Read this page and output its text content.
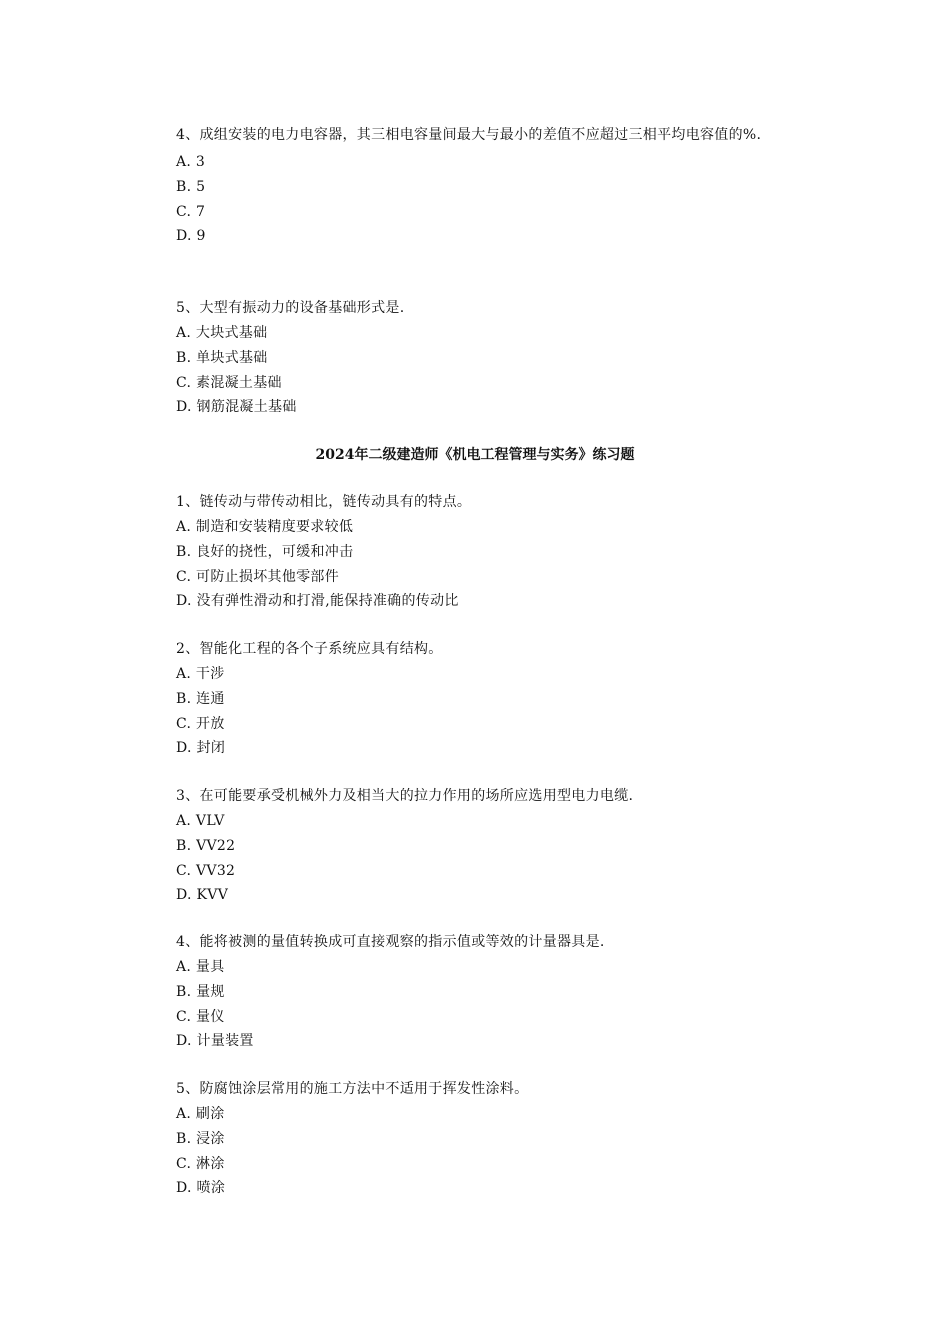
4、成组安装的电力电容器，其三相电容量间最大与最小的差值不应超过三相平均电容值的%.

A. 3

B. 5

C. 7

D. 9

5、大型有振动力的设备基础形式是.

A. 大块式基础

B. 单块式基础

C. 素混凝土基础

D. 钢筋混凝土基础

2024年二级建造师《机电工程管理与实务》练习题

1、链传动与带传动相比，链传动具有的特点。

A. 制造和安装精度要求较低

B. 良好的挠性，可缓和冲击

C. 可防止损坏其他零部件

D. 没有弹性滑动和打滑,能保持准确的传动比

2、智能化工程的各个子系统应具有结构。

A. 干涉

B. 连通

C. 开放

D. 封闭

3、在可能要承受机械外力及相当大的拉力作用的场所应选用型电力电缆.

A. VLV

B. VV22

C. VV32

D. KVV

4、能将被测的量值转换成可直接观察的指示值或等效的计量器具是.

A. 量具

B. 量规

C. 量仪

D. 计量装置

5、防腐蚀涂层常用的施工方法中不适用于挥发性涂料。

A. 刷涂

B. 浸涂

C. 淋涂

D. 喷涂
